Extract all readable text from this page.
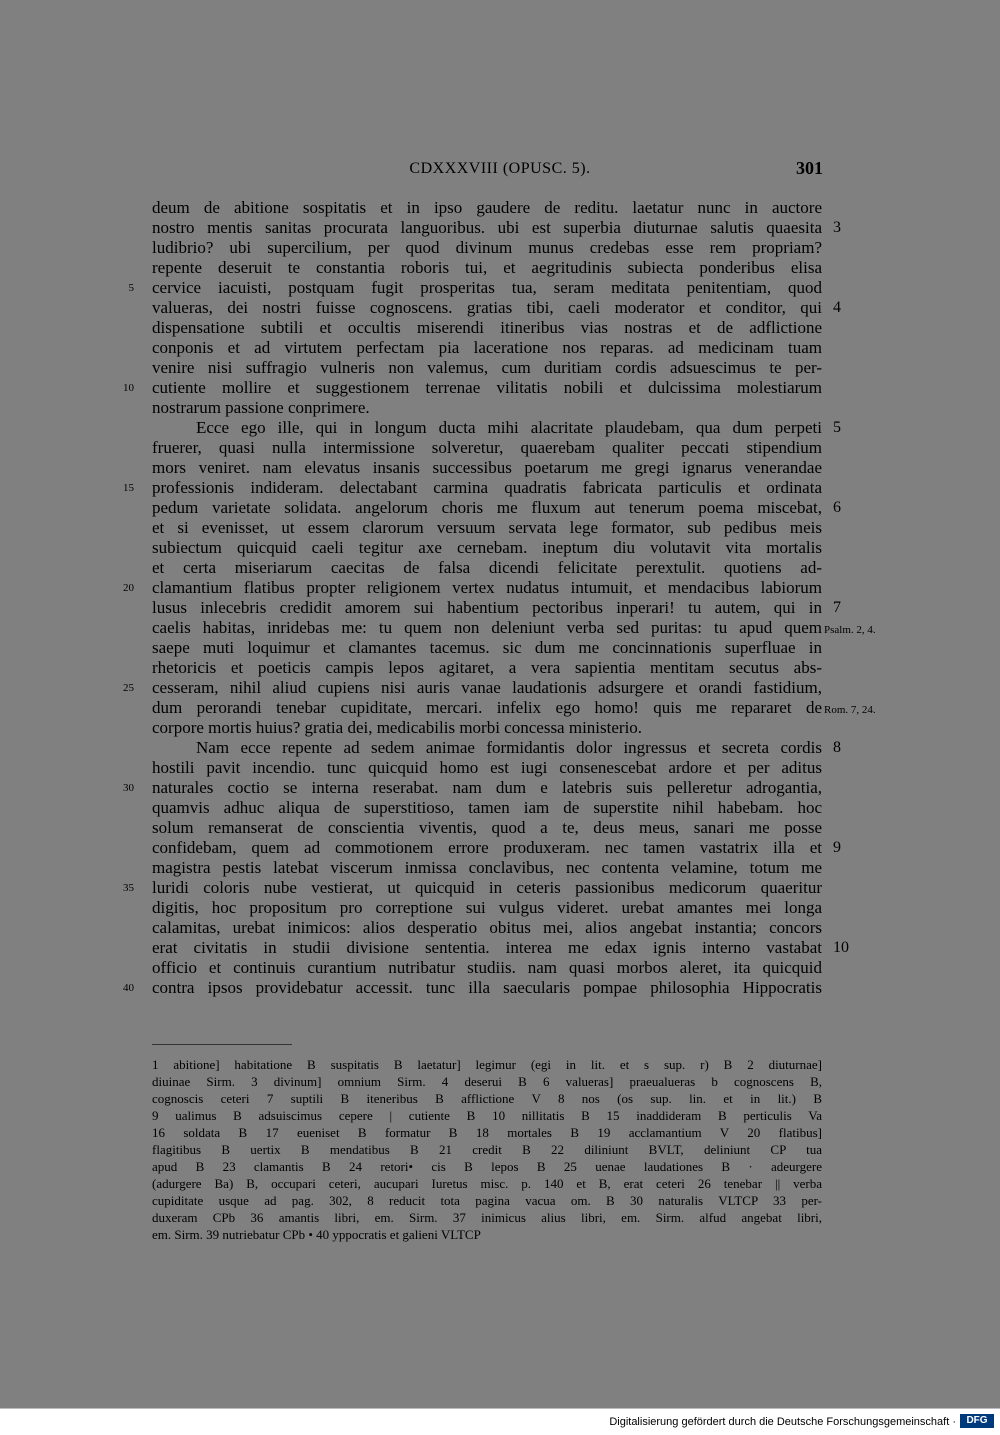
CDXXXVIII (OPUSC. 5).	301
deum de abitione sospitatis et in ipso gaudere de reditu. laetatur nunc in auctore
nostro mentis sanitas procurata languoribus. ubi est superbia diuturnae salutis quaesita
ludibrio? ubi supercilium, per quod divinum munus credebas esse rem propriam?
repente deseruit te constantia roboris tui, et aegritudinis subiecta ponderibus elisa
cervice iacuisti, postquam fugit prosperitas tua, seram meditata penitentiam, quod
valueras, dei nostri fuisse cognoscens. gratias tibi, caeli moderator et conditor, qui
dispensatione subtili et occultis miserendi itineribus vias nostras et de adflictione
conponis et ad virtutem perfectam pia laceratione nos reparas. ad medicinam tuam
venire nisi suffragio vulneris non valemus, cum duritiam cordis adsuescimus te per-
cutiente mollire et suggestionem terrenae vilitatis nobili et dulcissima molestiarum
nostrarum passione conprimere.
Ecce ego ille, qui in longum ducta mihi alacritate plaudebam, qua dum perpeti
fruerer, quasi nulla intermissione solveretur, quaerebam qualiter peccati stipendium
mors veniret. nam elevatus insanis successibus poetarum me gregi ignarus venerandae
professionis indideram. delectabant carmina quadratis fabricata particulis et ordinata
pedum varietate solidata. angelorum choris me fluxum aut tenerum poema miscebat,
et si evenisset, ut essem clarorum versuum servata lege formator, sub pedibus meis
subiectum quicquid caeli tegitur axe cernebam. ineptum diu volutavit vita mortalis
et certa miseriarum caecitas de falsa dicendi felicitate perextulit. quotiens ad-
clamantium flatibus propter religionem vertex nudatus intumuit, et mendacibus labiorum
lusus inlecebris credidit amorem sui habentium pectoribus inperari! tu autem, qui in
caelis habitas, inridebas me: tu quem non deleniunt verba sed puritas: tu apud quem
saepe muti loquimur et clamantes tacemus. sic dum me concinnationis superfluae in
rhetoricis et poeticis campis lepos agitaret, a vera sapientia mentitam secutus abs-
cesseram, nihil aliud cupiens nisi auris vanae laudationis adsurgere et orandi fastidium,
dum perorandi tenebar cupiditate, mercari. infelix ego homo! quis me repararet de
corpore mortis huius? gratia dei, medicabilis morbi concessa ministerio.
Nam ecce repente ad sedem animae formidantis dolor ingressus et secreta cordis
hostili pavit incendio. tunc quicquid homo est iugi consenescebat ardore et per aditus
naturales coctio se interna reserabat. nam dum e latebris suis pelleretur adrogantia,
quamvis adhuc aliqua de superstitioso, tamen iam de superstite nihil habebam. hoc
solum remanserat de conscientia viventis, quod a te, deus meus, sanari me posse
confidebam, quem ad commotionem errore produxeram. nec tamen vastatrix illa et
magistra pestis latebat viscerum inmissa conclavibus, nec contenta velamine, totum me
luridi coloris nube vestierat, ut quicquid in ceteris passionibus medicorum quaeritur
digitis, hoc propositum pro correptione sui vulgus videret. urebat amantes mei longa
calamitas, urebat inimicos: alios desperatio obitus mei, alios angebat instantia; concors
erat civitatis in studii divisione sententia. interea me edax ignis interno vastabat
officio et continuis curantium nutribatur studiis. nam quasi morbos aleret, ita quicquid
contra ipsos providebatur accessit. tunc illa saecularis pompae philosophia Hippocratis
5
10
15
20
25
30
35
40
3
4
5
6
7
8
9
10
Psalm. 2, 4.
Rom. 7, 24.
1 abitione] habitatione B suspitatis B laetatur] legimur (egi in lit. et s sup. r) B 2 diuturnae]
diuinae Sirm. 3 divinum] omnium Sirm. 4 deserui B 6 valueras] praeualueras b cognoscens B,
cognoscis ceteri 7 suptili B iteneribus B afflictione V 8 nos (os sup. lin. et in lit.) B
9 ualimus B adsuiscimus cepere | cutiente B 10 nillitatis B 15 inaddideram B perticulis Va
16 soldata B 17 eueniset B formatur B 18 mortales B 19 acclamantium V 20 flatibus]
flagitibus B uertix B mendatibus B 21 credit B 22 diliniunt BVLT, deliniunt CP tua
apud B 23 clamantis B 24 retori• cis B lepos B 25 uenae laudationes B · adeurgere
(adurgere Ba) B, occupari ceteri, aucupari Iuretus misc. p. 140 et B, erat ceteri 26 tenebar || verba
cupiditate usque ad pag. 302, 8 reducit tota pagina vacua om. B 30 naturalis VLTCP 33 per-
duxeram CPb 36 amantis libri, em. Sirm. 37 inimicus alius libri, em. Sirm. alfud angebat libri,
em. Sirm. 39 nutriebatur CPb • 40 yppocratis et galieni VLTCP
Digitalisierung gefördert durch die Deutsche Forschungsgemeinschaft ·	DFG
